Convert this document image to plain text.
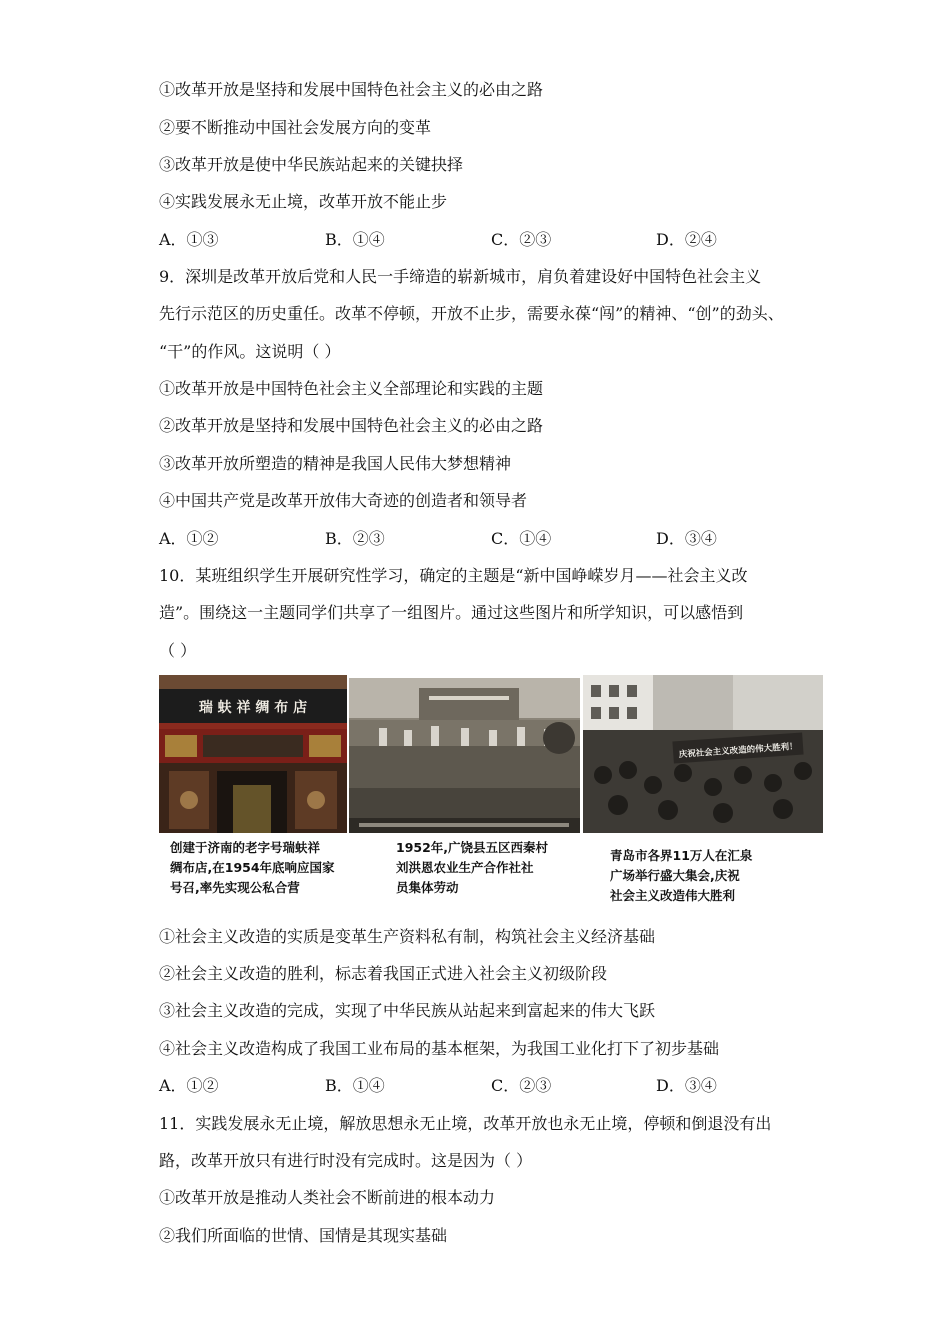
①改革开放是坚持和发展中国特色社会主义的必由之路
②要不断推动中国社会发展方向的变革
③改革开放是使中华民族站起来的关键抉择
④实践发展永无止境，改革开放不能止步
A．①③	B．①④	C．②③	D．②④
9．深圳是改革开放后党和人民一手缔造的崭新城市，肩负着建设好中国特色社会主义
先行示范区的历史重任。改革不停顿，开放不止步，需要永葆“闯”的精神、“创”的劲头、
“干”的作风。这说明（ ）
①改革开放是中国特色社会主义全部理论和实践的主题
②改革开放是坚持和发展中国特色社会主义的必由之路
③改革开放所塑造的精神是我国人民伟大梦想精神
④中国共产党是改革开放伟大奇迹的创造者和领导者
A．①②	B．②③	C．①④	D．③④
10．某班组织学生开展研究性学习，确定的主题是“新中国峥嵘岁月——社会主义改
造”。围绕这一主题同学们共享了一组图片。通过这些图片和所学知识，可以感悟到
（ ）
瑞 蚨 祥 绸 布 店
庆祝社会主义改造的伟大胜利！
创建于济南的老字号瑞蚨祥
绸布店,在1954年底响应国家
号召,率先实现公私合营
1952年,广饶县五区西秦村
刘洪恩农业生产合作社社
员集体劳动
青岛市各界11万人在汇泉
广场举行盛大集会,庆祝
社会主义改造伟大胜利
①社会主义改造的实质是变革生产资料私有制，构筑社会主义经济基础
②社会主义改造的胜利，标志着我国正式进入社会主义初级阶段
③社会主义改造的完成，实现了中华民族从站起来到富起来的伟大飞跃
④社会主义改造构成了我国工业布局的基本框架，为我国工业化打下了初步基础
A．①②	B．①④	C．②③	D．③④
11．实践发展永无止境，解放思想永无止境，改革开放也永无止境，停顿和倒退没有出
路，改革开放只有进行时没有完成时。这是因为（ ）
①改革开放是推动人类社会不断前进的根本动力
②我们所面临的世情、国情是其现实基础
